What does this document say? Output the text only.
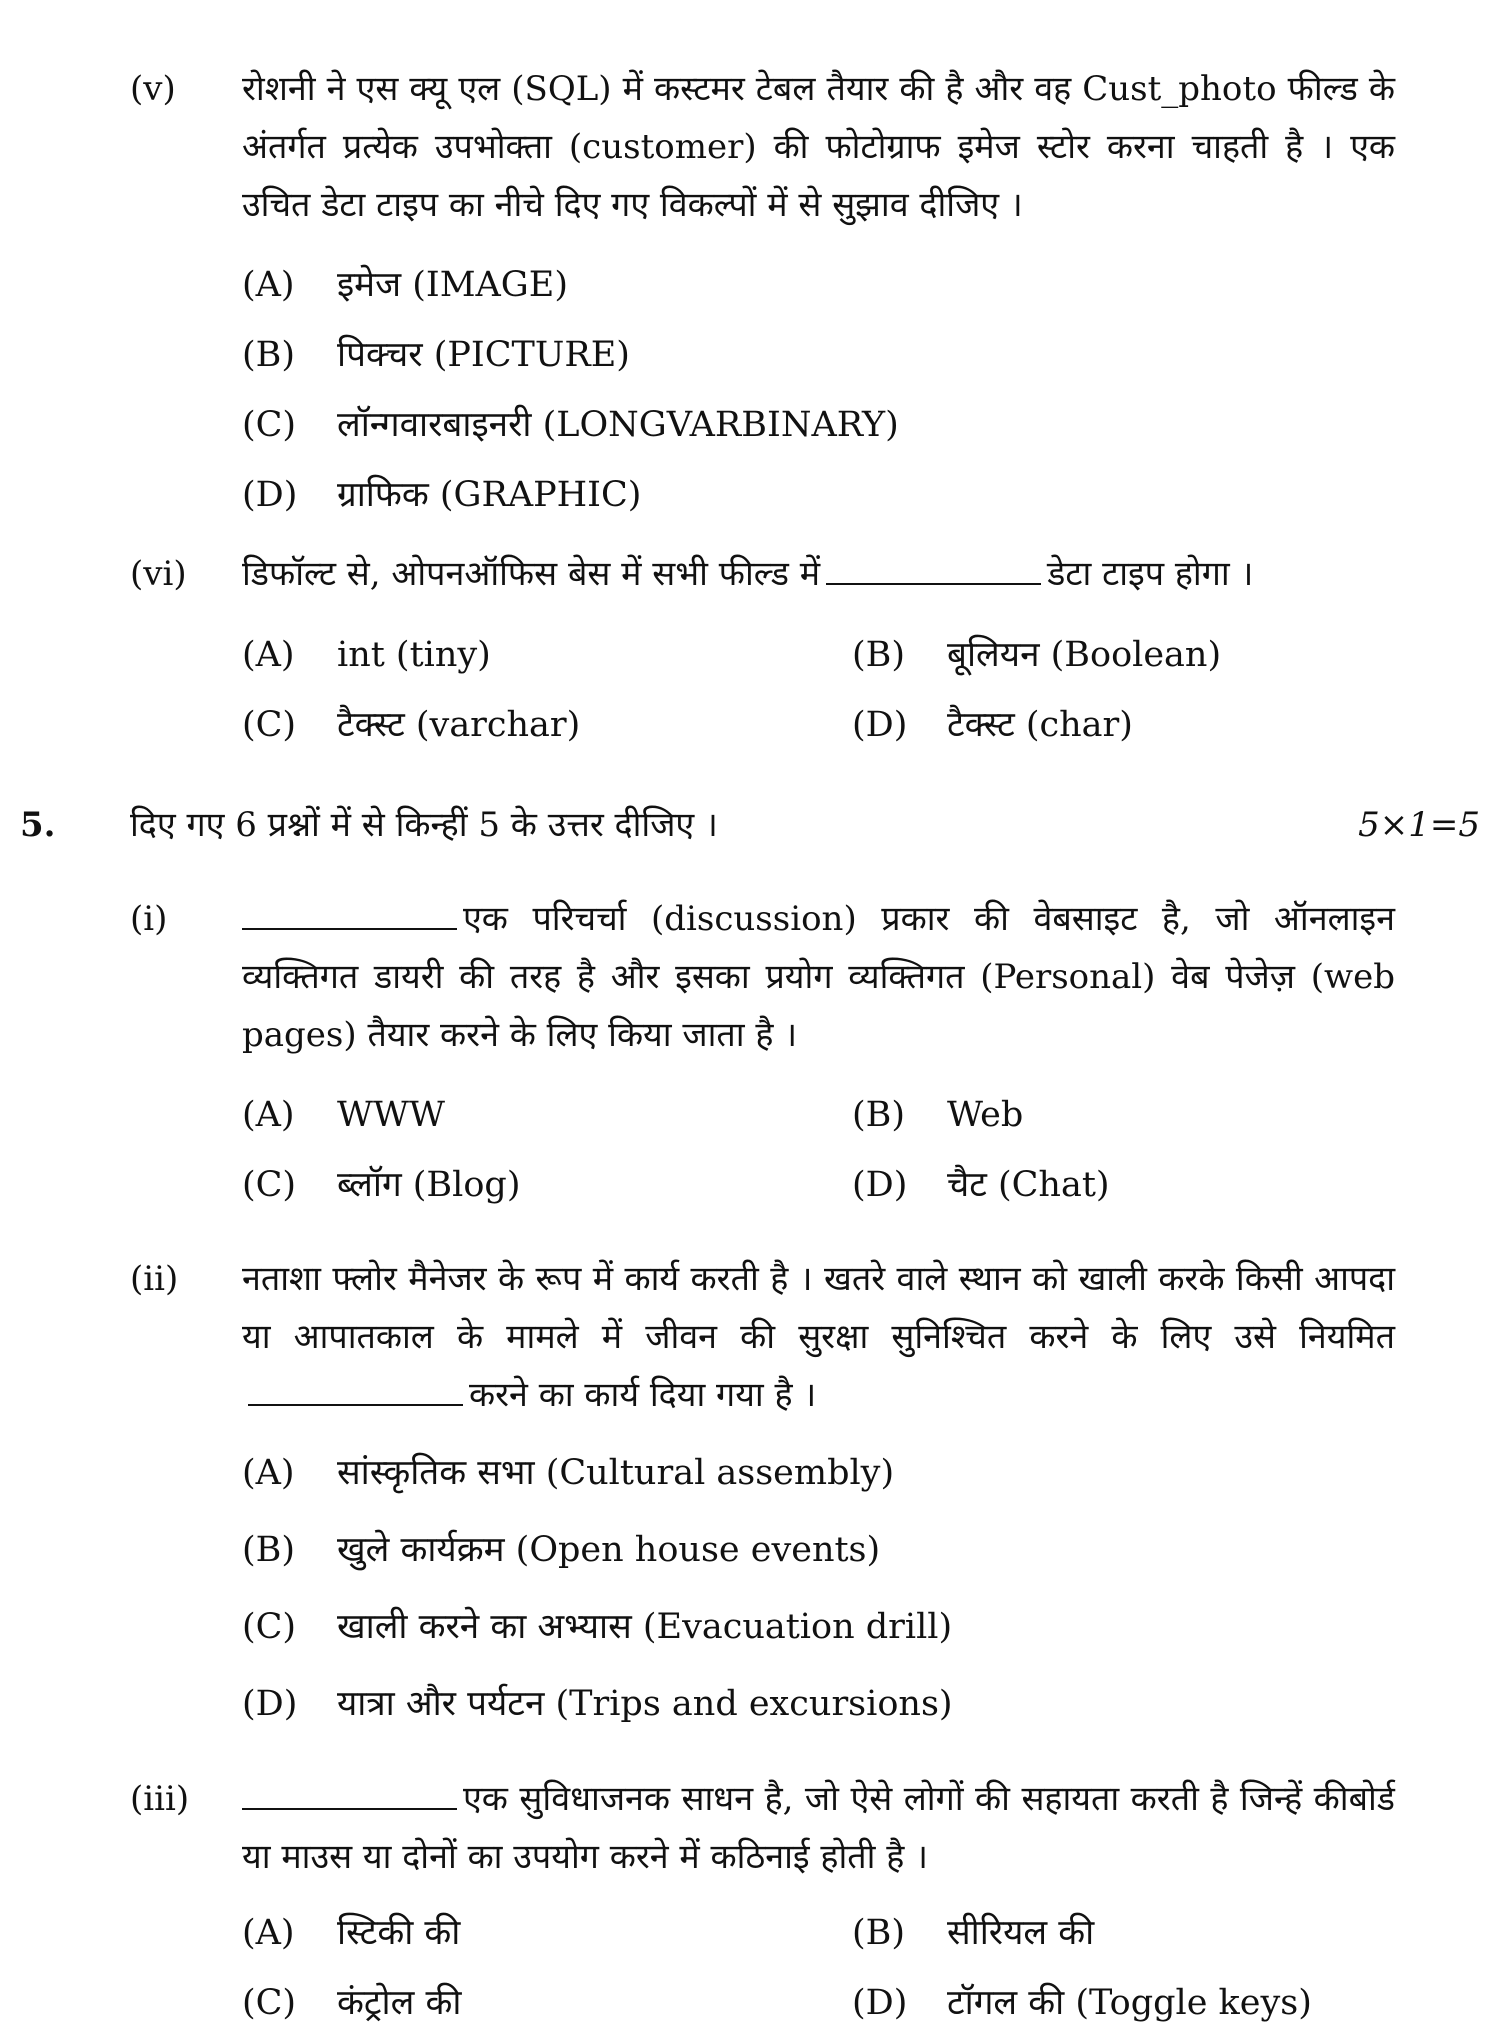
(v) रोशनी ने एस क्यू एल (SQL) में कस्टमर टेबल तैयार की है और वह Cust_photo फील्ड के अंतर्गत प्रत्येक उपभोक्ता (customer) की फोटोग्राफ इमेज स्टोर करना चाहती है । एक उचित डेटा टाइप का नीचे दिए गए विकल्पों में से सुझाव दीजिए ।
(A) इमेज (IMAGE)
(B) पिक्चर (PICTURE)
(C) लॉन्गवारबाइनरी (LONGVARBINARY)
(D) ग्राफिक (GRAPHIC)
(vi) डिफॉल्ट से, ओपनऑफिस बेस में सभी फील्ड में	डेटा टाइप होगा ।
(A) int (tiny)	(B) बूलियन (Boolean)
(C) टैक्स्ट (varchar)	(D) टैक्स्ट (char)
5. दिए गए 6 प्रश्नों में से किन्हीं 5 के उत्तर दीजिए ।	5×1=5
(i)	एक परिचर्चा (discussion) प्रकार की वेबसाइट है, जो ऑनलाइन व्यक्तिगत डायरी की तरह है और इसका प्रयोग व्यक्तिगत (Personal) वेब पेजेज़ (web pages) तैयार करने के लिए किया जाता है ।
(A) WWW	(B) Web
(C) ब्लॉग (Blog)	(D) चैट (Chat)
(ii) नताशा फ्लोर मैनेजर के रूप में कार्य करती है । खतरे वाले स्थान को खाली करके किसी आपदा या आपातकाल के मामले में जीवन की सुरक्षा सुनिश्चित करने के लिए उसे नियमितकरने का कार्य दिया गया है ।
(A) सांस्कृतिक सभा (Cultural assembly)
(B) खुले कार्यक्रम (Open house events)
(C) खाली करने का अभ्यास (Evacuation drill)
(D) यात्रा और पर्यटन (Trips and excursions)
(iii)	एक सुविधाजनक साधन है, जो ऐसे लोगों की सहायता करती है जिन्हें कीबोर्ड या माउस या दोनों का उपयोग करने में कठिनाई होती है ।
(A) स्टिकी की	(B) सीरियल की
(C) कंट्रोल की	(D) टॉगल की (Toggle keys)
